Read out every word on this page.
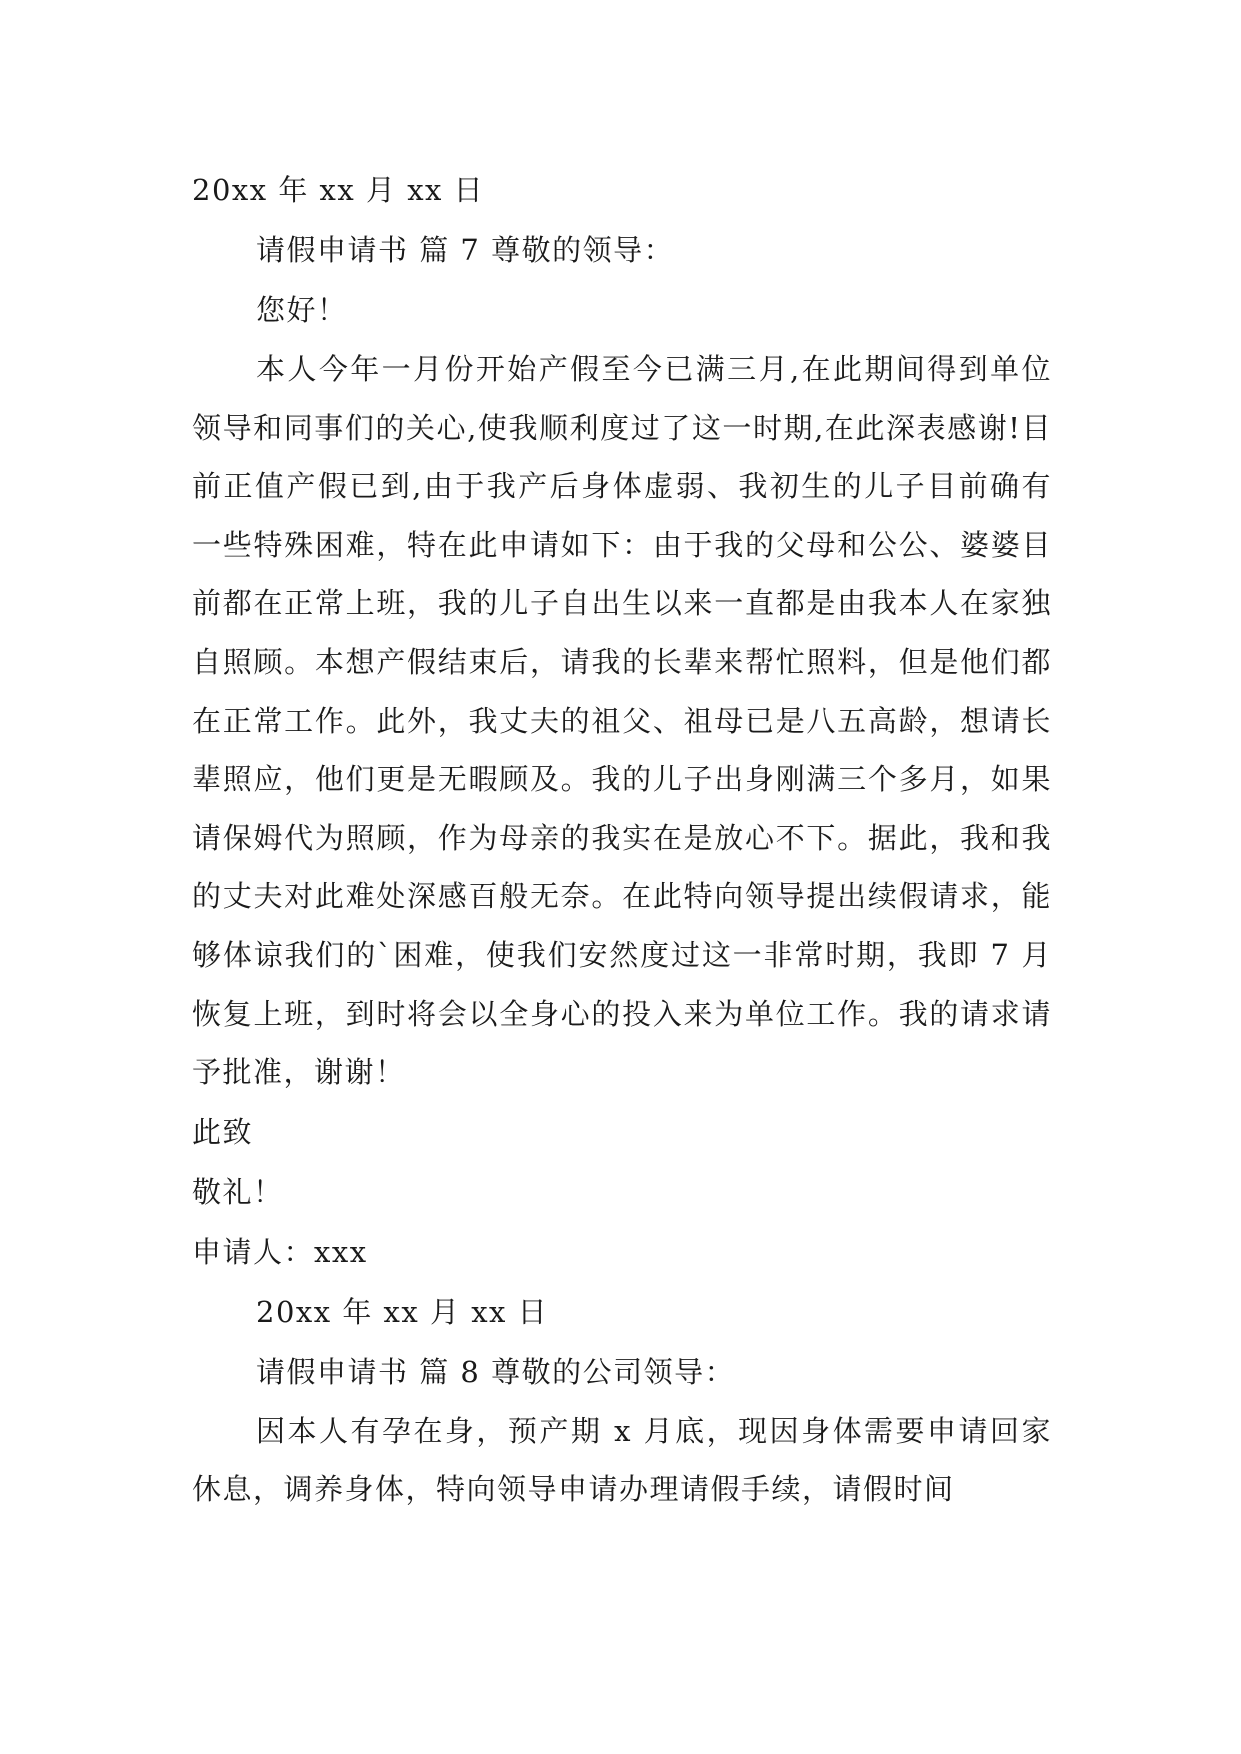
20xx 年 xx 月 xx 日

请假申请书 篇 7 尊敬的领导：

您好！

本人今年一月份开始产假至今已满三月,在此期间得到单位领导和同事们的关心,使我顺利度过了这一时期,在此深表感谢!目前正值产假已到,由于我产后身体虚弱、我初生的儿子目前确有一些特殊困难，特在此申请如下：由于我的父母和公公、婆婆目前都在正常上班，我的儿子自出生以来一直都是由我本人在家独自照顾。本想产假结束后，请我的长辈来帮忙照料，但是他们都在正常工作。此外，我丈夫的祖父、祖母已是八五高龄，想请长辈照应，他们更是无暇顾及。我的儿子出身刚满三个多月，如果请保姆代为照顾，作为母亲的我实在是放心不下。据此，我和我的丈夫对此难处深感百般无奈。在此特向领导提出续假请求，能够体谅我们的`困难，使我们安然度过这一非常时期，我即 7 月恢复上班，到时将会以全身心的投入来为单位工作。我的请求请予批准，谢谢！

此致

敬礼！

申请人：xxx

20xx 年 xx 月 xx 日

请假申请书 篇 8 尊敬的公司领导：

因本人有孕在身，预产期 x 月底，现因身体需要申请回家休息，调养身体，特向领导申请办理请假手续，请假时间
